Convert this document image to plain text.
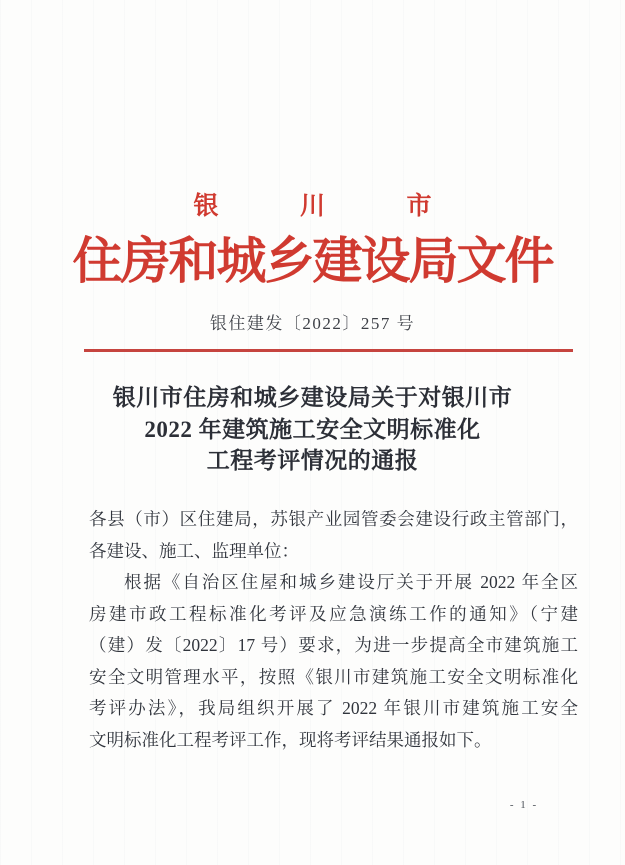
银	川	市
住房和城乡建设局文件
银住建发〔2022〕257 号
银川市住房和城乡建设局关于对银川市
2022 年建筑施工安全文明标准化
工程考评情况的通报
各县（市）区住建局，苏银产业园管委会建设行政主管部门，
各建设、施工、监理单位：
根据《自治区住屋和城乡建设厅关于开展 2022 年全区
房建市政工程标准化考评及应急演练工作的通知》（宁建
（建）发〔2022〕17 号）要求，为进一步提高全市建筑施工
安全文明管理水平，按照《银川市建筑施工安全文明标准化
考评办法》，我局组织开展了 2022 年银川市建筑施工安全
文明标准化工程考评工作，现将考评结果通报如下。
- 1 -
